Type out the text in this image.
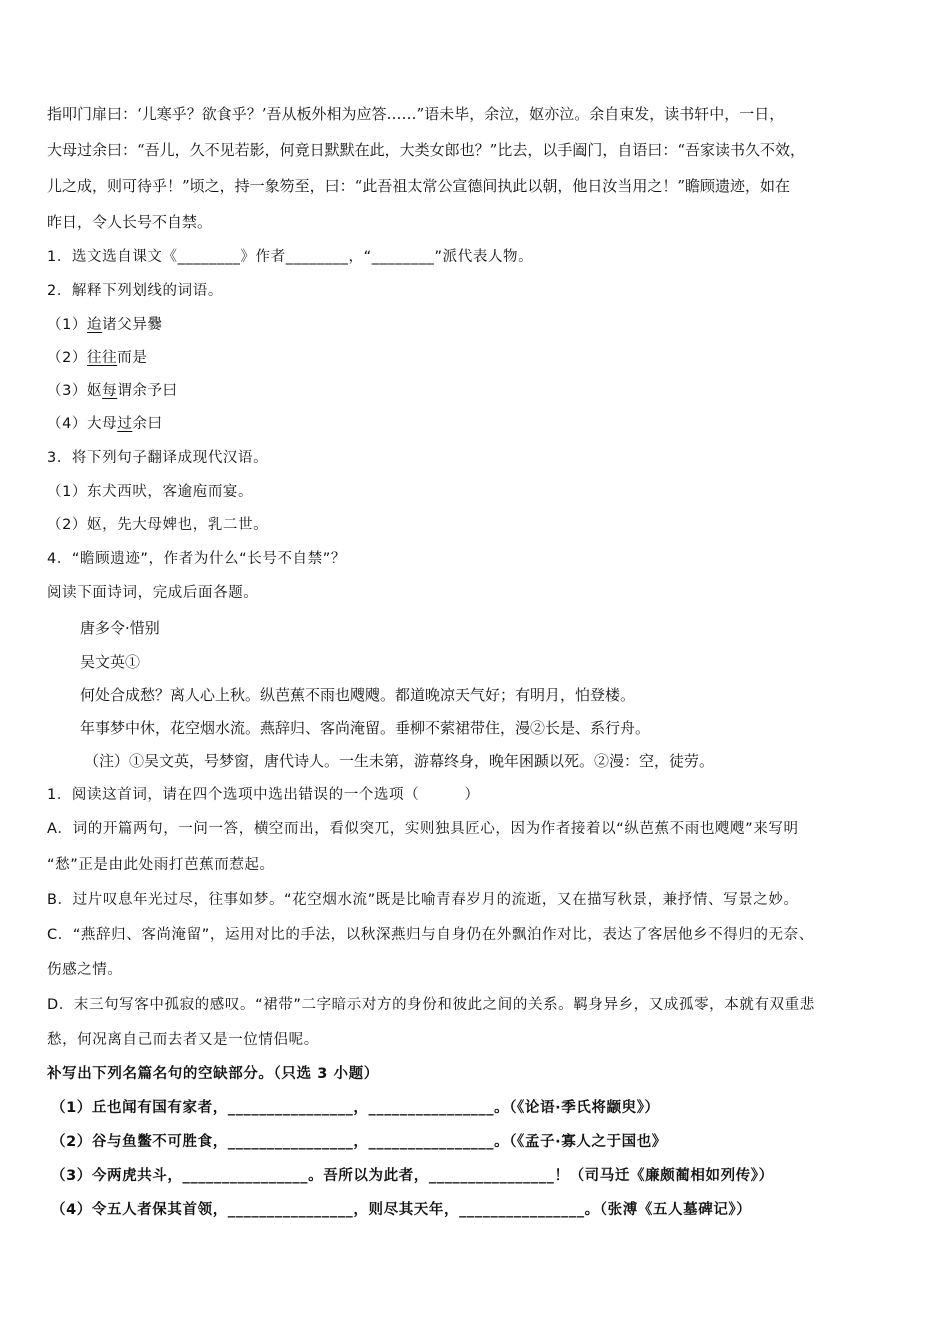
指叩门扉曰：‘儿寒乎？欲食乎？’吾从板外相为应答……”语未毕，余泣，妪亦泣。余自束发，读书轩中，一日，
大母过余曰：“吾儿，久不见若影，何竟日默默在此，大类女郎也？”比去，以手阖门，自语曰：“吾家读书久不效，
儿之成，则可待乎！”顷之，持一象笏至，曰：“此吾祖太常公宣德间执此以朝，他日汝当用之！”瞻顾遗迹，如在
昨日，令人长号不自禁。
1．选文选自课文《________》作者________，“________”派代表人物。
2．解释下列划线的词语。
（1）迨诸父异爨
（2）往往而是
（3）妪每谓余予曰
（4）大母过余曰
3．将下列句子翻译成现代汉语。
（1）东犬西吠，客逾庖而宴。
（2）妪，先大母婢也，乳二世。
4．“瞻顾遗迹”，作者为什么“长号不自禁”？
阅读下面诗词，完成后面各题。
唐多令·惜别
吴文英①
何处合成愁？离人心上秋。纵芭蕉不雨也飕飕。都道晚凉天气好；有明月，怕登楼。
年事梦中休，花空烟水流。燕辞归、客尚淹留。垂柳不萦裙带住，漫②长是、系行舟。
（注）①吴文英，号梦窗，唐代诗人。一生未第，游幕终身，晚年困踬以死。②漫：空，徒劳。
1．阅读这首词，请在四个选项中选出错误的一个选项（　　　）
A．词的开篇两句，一问一答，横空而出，看似突兀，实则独具匠心，因为作者接着以“纵芭蕉不雨也飕飕”来写明
“愁”正是由此处雨打芭蕉而惹起。
B．过片叹息年光过尽，往事如梦。“花空烟水流”既是比喻青春岁月的流逝，又在描写秋景，兼抒情、写景之妙。
C．“燕辞归、客尚淹留”，运用对比的手法，以秋深燕归与自身仍在外飘泊作对比，表达了客居他乡不得归的无奈、
伤感之情。
D．末三句写客中孤寂的感叹。“裙带”二字暗示对方的身份和彼此之间的关系。羁身异乡，又成孤零，本就有双重悲
愁，何况离自己而去者又是一位情侣呢。
补写出下列名篇名句的空缺部分。（只选 3 小题）
（1）丘也闻有国有家者，________________，________________。（《论语·季氏将颛臾》）
（2）谷与鱼鳖不可胜食，________________，________________。（《孟子·寡人之于国也》
（3）今两虎共斗，________________。吾所以为此者，________________！（司马迁《廉颇蔺相如列传》）
（4）令五人者保其首领，________________，则尽其天年，________________。（张溥《五人墓碑记》）
